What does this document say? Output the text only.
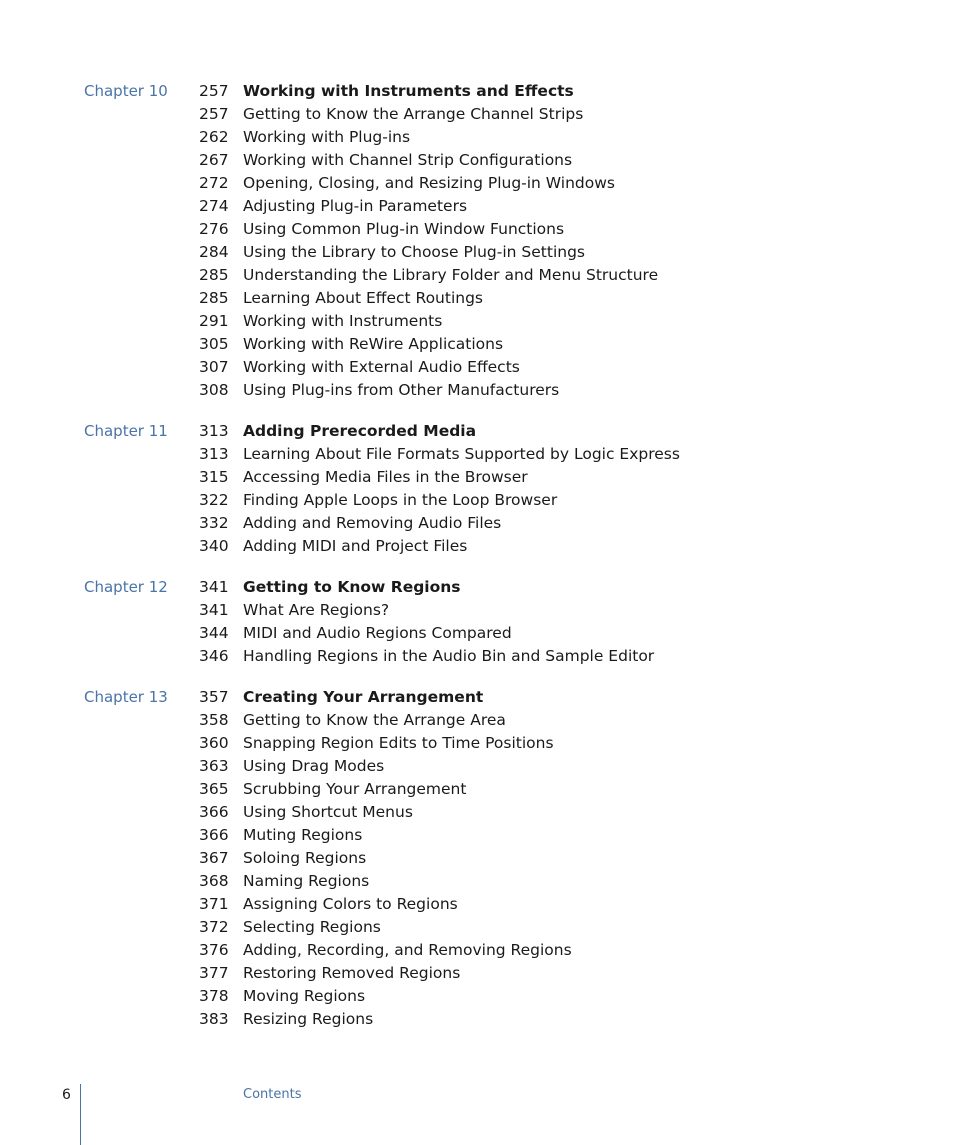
Chapter 10 257 Working with Instruments and Effects
257 Getting to Know the Arrange Channel Strips
262 Working with Plug-ins
267 Working with Channel Strip Configurations
272 Opening, Closing, and Resizing Plug-in Windows
274 Adjusting Plug-in Parameters
276 Using Common Plug-in Window Functions
284 Using the Library to Choose Plug-in Settings
285 Understanding the Library Folder and Menu Structure
285 Learning About Effect Routings
291 Working with Instruments
305 Working with ReWire Applications
307 Working with External Audio Effects
308 Using Plug-ins from Other Manufacturers
Chapter 11 313 Adding Prerecorded Media
313 Learning About File Formats Supported by Logic Express
315 Accessing Media Files in the Browser
322 Finding Apple Loops in the Loop Browser
332 Adding and Removing Audio Files
340 Adding MIDI and Project Files
Chapter 12 341 Getting to Know Regions
341 What Are Regions?
344 MIDI and Audio Regions Compared
346 Handling Regions in the Audio Bin and Sample Editor
Chapter 13 357 Creating Your Arrangement
358 Getting to Know the Arrange Area
360 Snapping Region Edits to Time Positions
363 Using Drag Modes
365 Scrubbing Your Arrangement
366 Using Shortcut Menus
366 Muting Regions
367 Soloing Regions
368 Naming Regions
371 Assigning Colors to Regions
372 Selecting Regions
376 Adding, Recording, and Removing Regions
377 Restoring Removed Regions
378 Moving Regions
383 Resizing Regions
6	Contents
